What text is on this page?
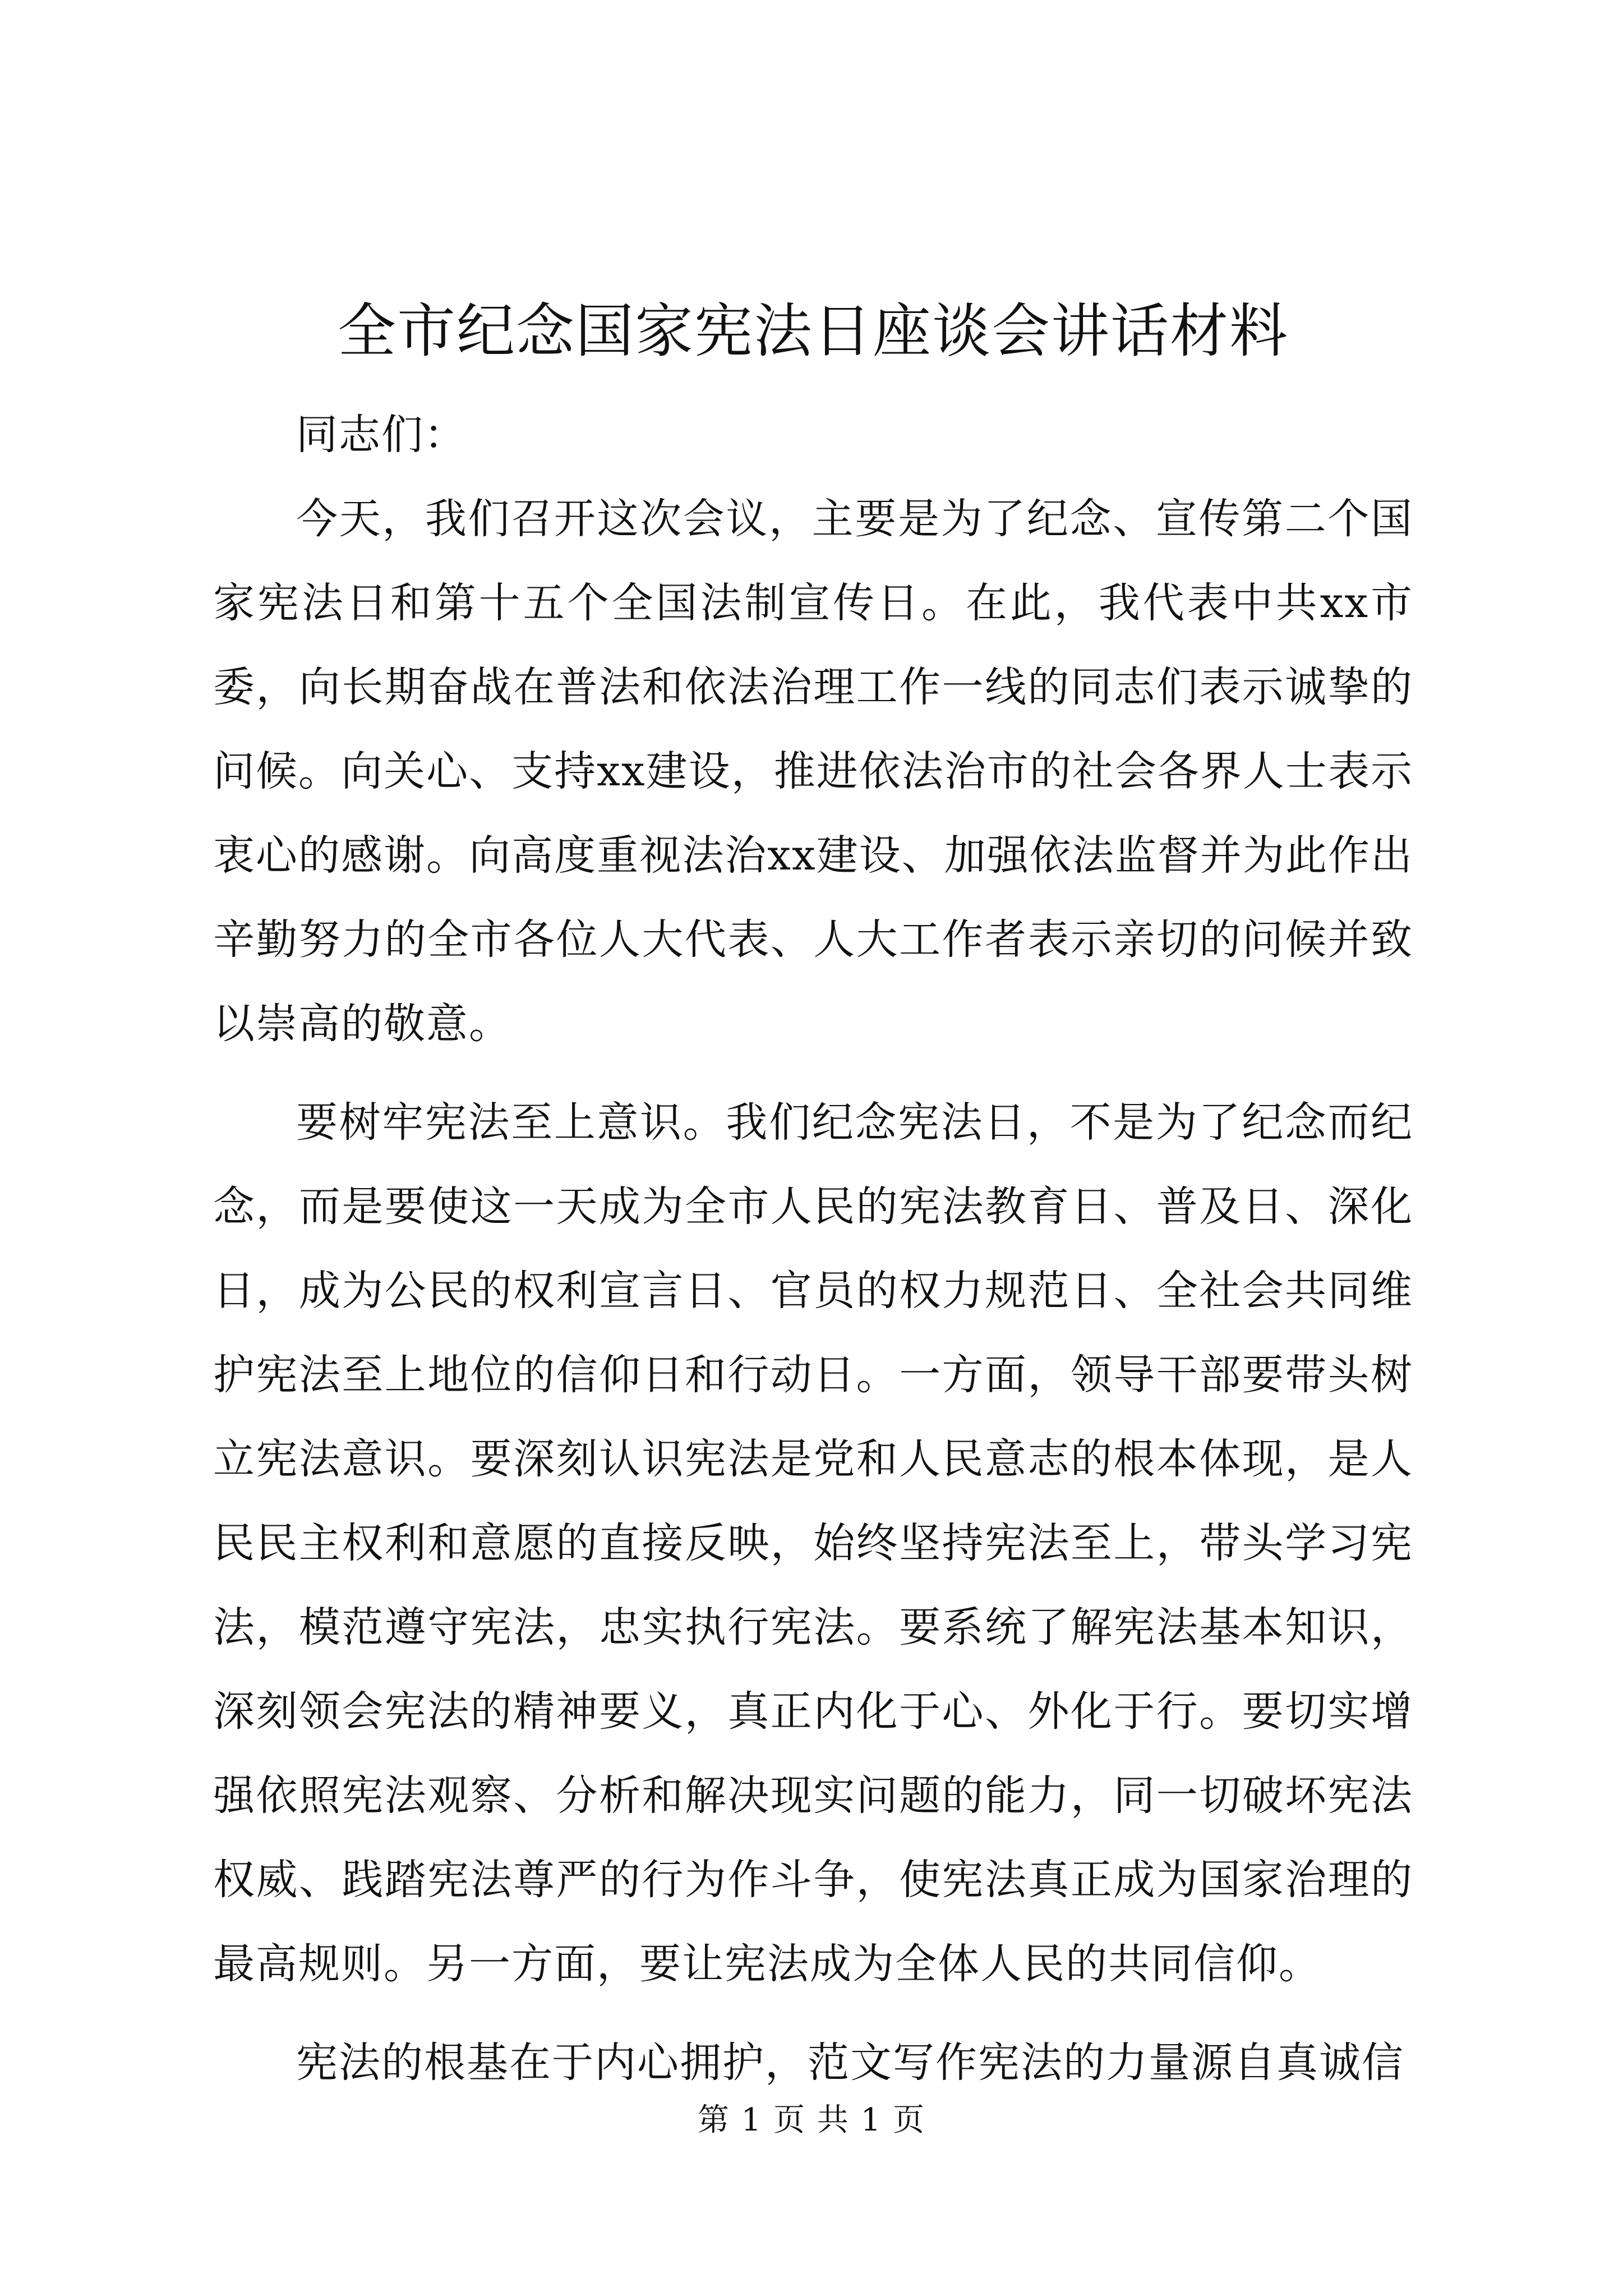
全市纪念国家宪法日座谈会讲话材料

同志们：

今天，我们召开这次会议，主要是为了纪念、宣传第二个国家宪法日和第十五个全国法制宣传日。在此，我代表中共xx市委，向长期奋战在普法和依法治理工作一线的同志们表示诚挚的问候。向关心、支持xx建设，推进依法治市的社会各界人士表示衷心的感谢。向高度重视法治xx建设、加强依法监督并为此作出辛勤努力的全市各位人大代表、人大工作者表示亲切的问候并致以崇高的敬意。

要树牢宪法至上意识。我们纪念宪法日，不是为了纪念而纪念，而是要使这一天成为全市人民的宪法教育日、普及日、深化日，成为公民的权利宣言日、官员的权力规范日、全社会共同维护宪法至上地位的信仰日和行动日。一方面，领导干部要带头树立宪法意识。要深刻认识宪法是党和人民意志的根本体现，是人民民主权利和意愿的直接反映，始终坚持宪法至上，带头学习宪法，模范遵守宪法，忠实执行宪法。要系统了解宪法基本知识，深刻领会宪法的精神要义，真正内化于心、外化于行。要切实增强依照宪法观察、分析和解决现实问题的能力，同一切破坏宪法权威、践踏宪法尊严的行为作斗争，使宪法真正成为国家治理的最高规则。另一方面，要让宪法成为全体人民的共同信仰。

宪法的根基在于内心拥护，范文写作宪法的力量源自真诚信

第 1 页 共 1 页
